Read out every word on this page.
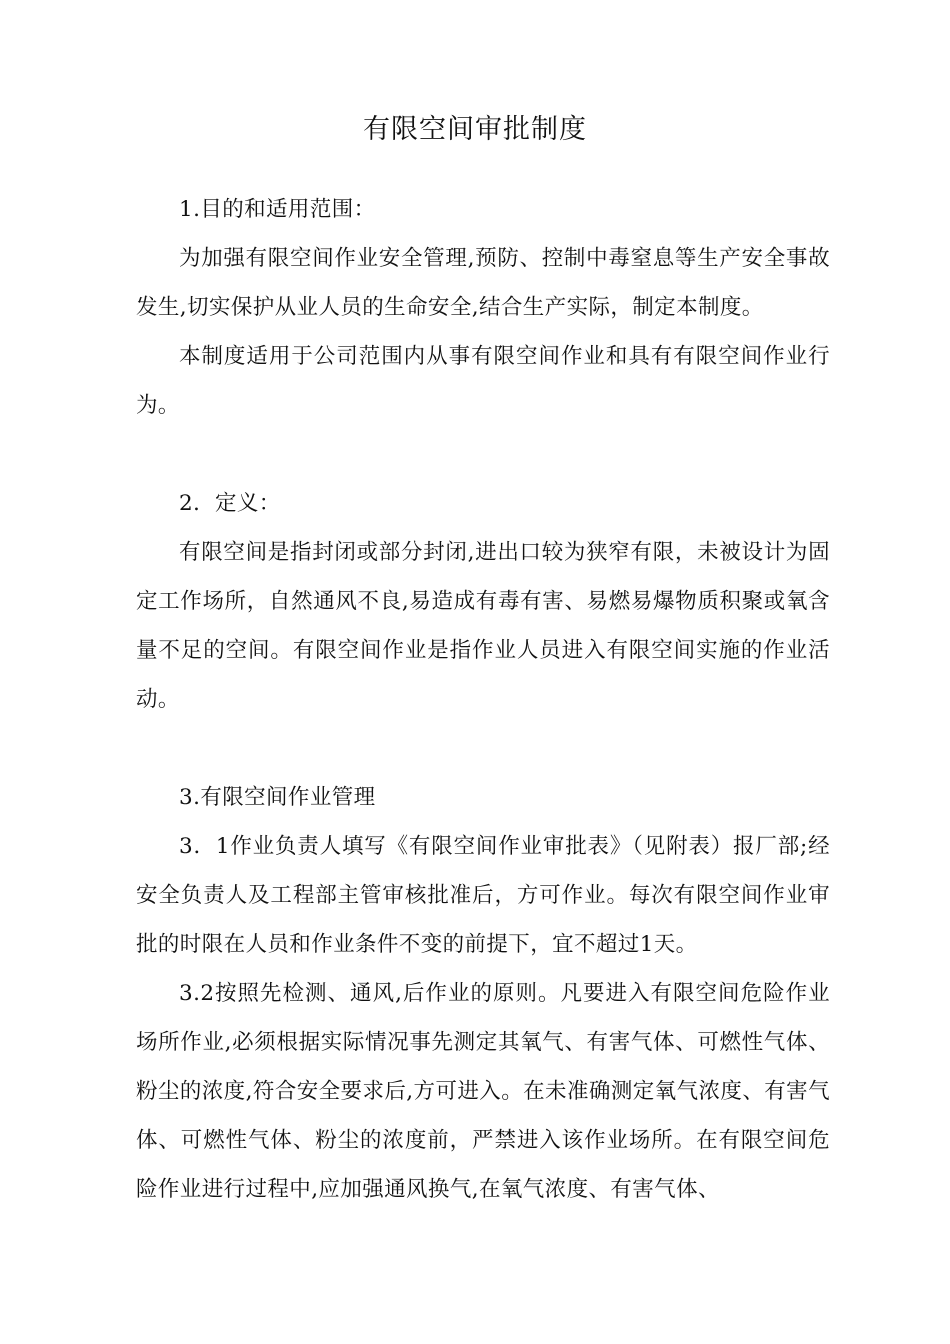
有限空间审批制度

1.目的和适用范围：

为加强有限空间作业安全管理,预防、控制中毒窒息等生产安全事故发生,切实保护从业人员的生命安全,结合生产实际，制定本制度。

本制度适用于公司范围内从事有限空间作业和具有有限空间作业行为。

2．定义：

有限空间是指封闭或部分封闭,进出口较为狭窄有限，未被设计为固定工作场所，自然通风不良,易造成有毒有害、易燃易爆物质积聚或氧含量不足的空间。有限空间作业是指作业人员进入有限空间实施的作业活动。

3.有限空间作业管理

3．1作业负责人填写《有限空间作业审批表》（见附表）报厂部;经安全负责人及工程部主管审核批准后，方可作业。每次有限空间作业审批的时限在人员和作业条件不变的前提下，宜不超过1天。

3.2按照先检测、通风,后作业的原则。凡要进入有限空间危险作业场所作业,必须根据实际情况事先测定其氧气、有害气体、可燃性气体、粉尘的浓度,符合安全要求后,方可进入。在未准确测定氧气浓度、有害气体、可燃性气体、粉尘的浓度前，严禁进入该作业场所。在有限空间危险作业进行过程中,应加强通风换气,在氧气浓度、有害气体、
